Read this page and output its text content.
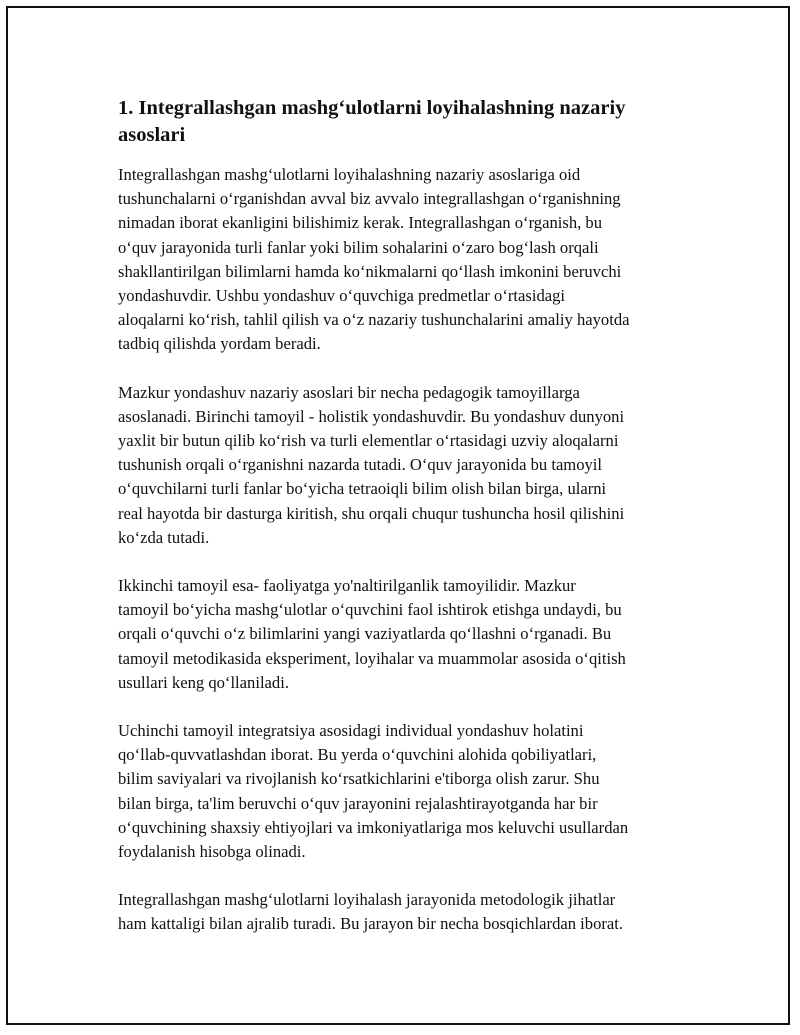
1. Integrallashgan mashg‘ulotlarni loyihalashning nazariy
asoslari

Integrallashgan mashg‘ulotlarni loyihalashning nazariy asoslariga oid
tushunchalarni o‘rganishdan avval biz avvalo integrallashgan o‘rganishning
nimadan iborat ekanligini bilishimiz kerak. Integrallashgan o‘rganish, bu
o‘quv jarayonida turli fanlar yoki bilim sohalarini o‘zaro bog‘lash orqali
shakllantirilgan bilimlarni hamda ko‘nikmalarni qo‘llash imkonini beruvchi
yondashuvdir. Ushbu yondashuv o‘quvchiga predmetlar o‘rtasidagi
aloqalarni ko‘rish, tahlil qilish va o‘z nazariy tushunchalarini amaliy hayotda
tadbiq qilishda yordam beradi.

Mazkur yondashuv nazariy asoslari bir necha pedagogik tamoyillarga
asoslanadi. Birinchi tamoyil - holistik yondashuvdir. Bu yondashuv dunyoni
yaxlit bir butun qilib ko‘rish va turli elementlar o‘rtasidagi uzviy aloqalarni
tushunish orqali o‘rganishni nazarda tutadi. O‘quv jarayonida bu tamoyil
o‘quvchilarni turli fanlar bo‘yicha tetraoiqli bilim olish bilan birga, ularni
real hayotda bir dasturga kiritish, shu orqali chuqur tushuncha hosil qilishini
ko‘zda tutadi.

Ikkinchi tamoyil esa- faoliyatga yo'naltirilganlik tamoyilidir. Mazkur
tamoyil bo‘yicha mashg‘ulotlar o‘quvchini faol ishtirok etishga undaydi, bu
orqali o‘quvchi o‘z bilimlarini yangi vaziyatlarda qo‘llashni o‘rganadi. Bu
tamoyil metodikasida eksperiment, loyihalar va muammolar asosida o‘qitish
usullari keng qo‘llaniladi.

Uchinchi tamoyil integratsiya asosidagi individual yondashuv holatini
qo‘llab-quvvatlashdan iborat. Bu yerda o‘quvchini alohida qobiliyatlari,
bilim saviyalari va rivojlanish ko‘rsatkichlarini e'tiborga olish zarur. Shu
bilan birga, ta'lim beruvchi o‘quv jarayonini rejalashtirayotganda har bir
o‘quvchining shaxsiy ehtiyojlari va imkoniyatlariga mos keluvchi usullardan
foydalanish hisobga olinadi.

Integrallashgan mashg‘ulotlarni loyihalash jarayonida metodologik jihatlar
ham kattaligi bilan ajralib turadi. Bu jarayon bir necha bosqichlardan iborat.
